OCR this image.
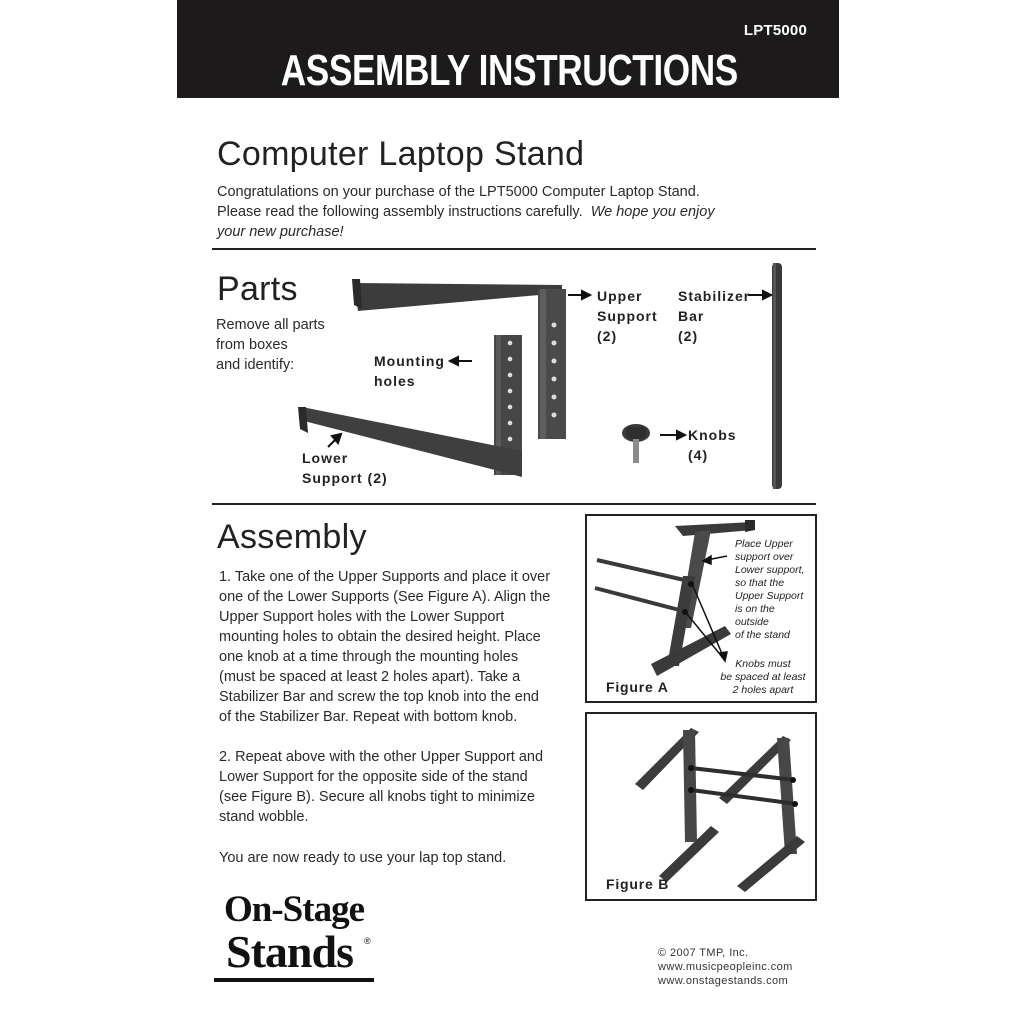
LPT5000
ASSEMBLY INSTRUCTIONS
Computer Laptop Stand
Congratulations on your purchase of the LPT5000 Computer Laptop Stand.
Please read the following assembly instructions carefully. We hope you enjoy
your new purchase!
Parts
Remove all parts
from boxes
and identify:
Upper
Support
(2)
Stabilizer
Bar
(2)
Mounting
holes
Knobs
(4)
Lower
Support (2)
Assembly
1. Take one of the Upper Supports and place it over
one of the Lower Supports (See Figure A). Align the
Upper Support holes with the Lower Support
mounting holes to obtain the desired height. Place
one knob at a time through the mounting holes
(must be spaced at least 2 holes apart). Take a
Stabilizer Bar and screw the top knob into the end
of the Stabilizer Bar. Repeat with bottom knob.
2. Repeat above with the other Upper Support and
Lower Support for the opposite side of the stand
(see Figure B). Secure all knobs tight to minimize
stand wobble.
You are now ready to use your lap top stand.
Place Upper
support over
Lower support,
so that the
Upper Support
is on the
outside
of the stand
Knobs must
be spaced at least
2 holes apart
Figure A
Figure B
On-Stage
Stands ®
© 2007 TMP, Inc.
www.musicpeopleinc.com
www.onstagestands.com
